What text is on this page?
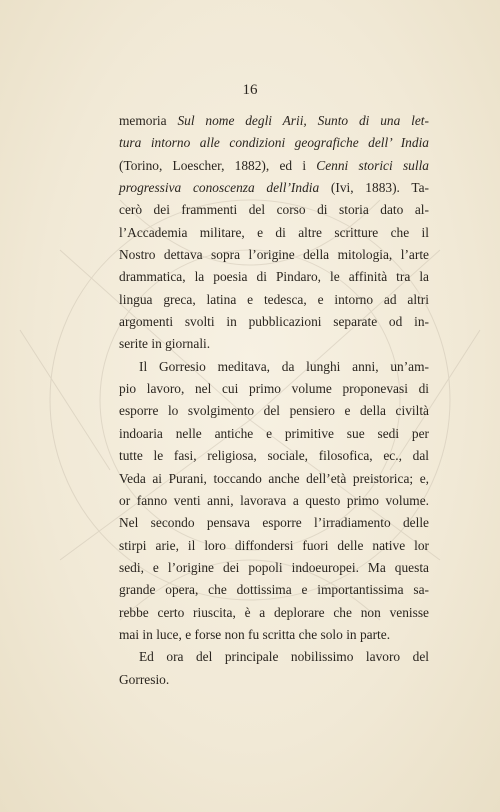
16
memoria Sul nome degli Arii, Sunto di una let-
tura intorno alle condizioni geografiche dell’ India
(Torino, Loescher, 1882), ed i Cenni storici sulla
progressiva conoscenza dell’India (Ivi, 1883). Ta-
cerò dei frammenti del corso di storia dato al-
l’Accademia militare, e di altre scritture che il
Nostro dettava sopra l’origine della mitologia, l’arte
drammatica, la poesia di Pindaro, le affinità tra la
lingua greca, latina e tedesca, e intorno ad altri
argomenti svolti in pubblicazioni separate od in-
serite in giornali.
Il Gorresio meditava, da lunghi anni, un’am-
pio lavoro, nel cui primo volume proponevasi di
esporre lo svolgimento del pensiero e della civiltà
indoaria nelle antiche e primitive sue sedi per
tutte le fasi, religiosa, sociale, filosofica, ec., dal
Veda ai Purani, toccando anche dell’età preistorica; e,
or fanno venti anni, lavorava a questo primo volume.
Nel secondo pensava esporre l’irradiamento delle
stirpi arie, il loro diffondersi fuori delle native lor
sedi, e l’origine dei popoli indoeuropei. Ma questa
grande opera, che dottissima e importantissima sa-
rebbe certo riuscita, è a deplorare che non venisse
mai in luce, e forse non fu scritta che solo in parte.
Ed ora del principale nobilissimo lavoro del
Gorresio.
